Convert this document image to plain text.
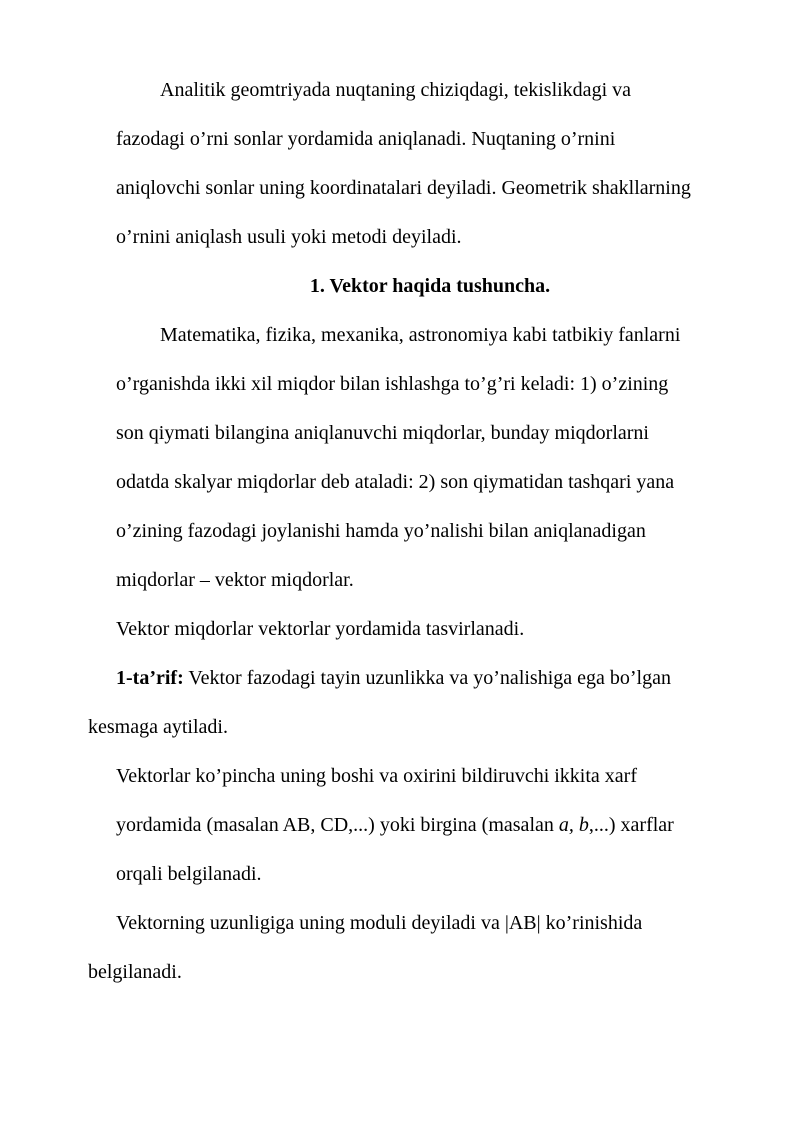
Analitik geomtriyada nuqtaning chiziqdagi, tekislikdagi va
fazodagi o’rni sonlar yordamida aniqlanadi. Nuqtaning o’rnini
aniqlovchi sonlar uning koordinatalari deyiladi. Geometrik shakllarning
o’rnini aniqlash usuli yoki metodi deyiladi.
1. Vektor haqida tushuncha.
Matematika, fizika, mexanika, astronomiya kabi tatbikiy fanlarni
o’rganishda ikki xil miqdor bilan ishlashga to’g’ri keladi: 1) o’zining
son qiymati bilangina aniqlanuvchi miqdorlar, bunday miqdorlarni
odatda skalyar miqdorlar deb ataladi: 2) son qiymatidan tashqari yana
o’zining fazodagi joylanishi hamda yo’nalishi bilan aniqlanadigan
miqdorlar – vektor miqdorlar.
Vektor miqdorlar vektorlar yordamida tasvirlanadi.
1-ta’rif: Vektor fazodagi tayin uzunlikka va yo’nalishiga ega bo’lgan
kesmaga aytiladi.
Vektorlar ko’pincha uning boshi va oxirini bildiruvchi ikkita xarf
yordamida (masalan AB, CD,...) yoki birgina (masalan a, b,...) xarflar
orqali belgilanadi.
Vektorning uzunligiga uning moduli deyiladi va |AB| ko’rinishida
belgilanadi.
